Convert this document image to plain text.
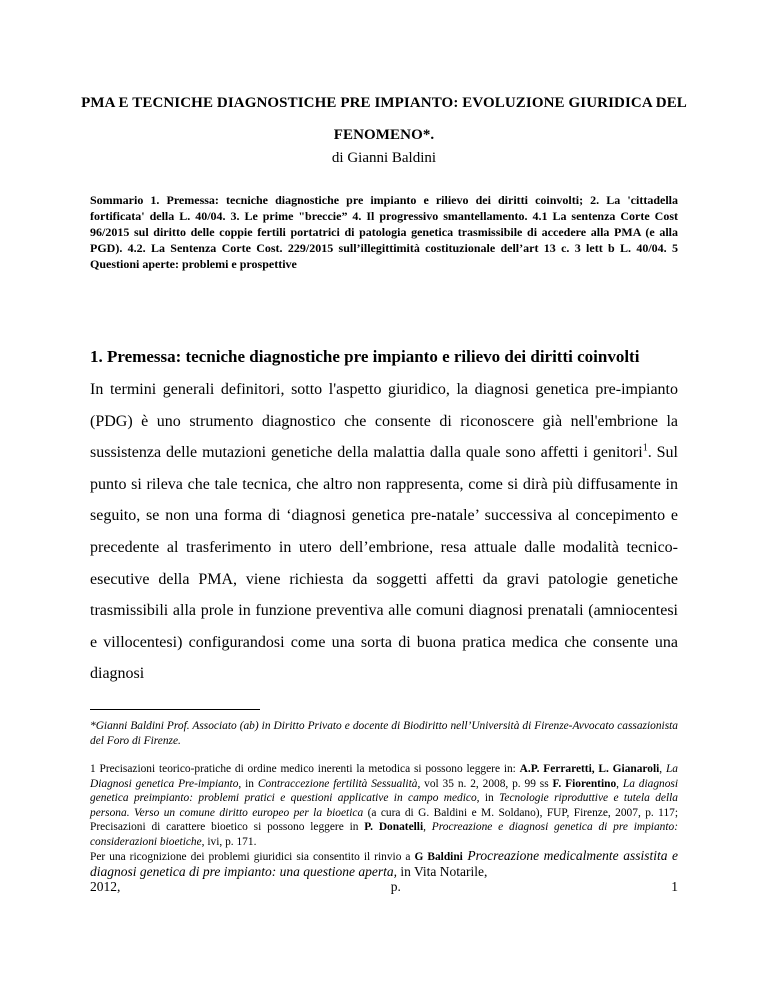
PMA E TECNICHE DIAGNOSTICHE PRE IMPIANTO: EVOLUZIONE GIURIDICA DEL FENOMENO*.
di Gianni Baldini
Sommario 1. Premessa: tecniche diagnostiche pre impianto e rilievo dei diritti coinvolti; 2. La 'cittadella fortificata' della L. 40/04. 3. Le prime "breccie” 4. Il progressivo smantellamento. 4.1 La sentenza Corte Cost 96/2015 sul diritto delle coppie fertili portatrici di patologia genetica trasmissibile di accedere alla PMA (e alla PGD). 4.2. La Sentenza Corte Cost. 229/2015 sull’illegittimità costituzionale dell’art 13 c. 3 lett b L. 40/04. 5 Questioni aperte: problemi e prospettive
1. Premessa: tecniche diagnostiche pre impianto e rilievo dei diritti coinvolti
In termini generali definitori, sotto l'aspetto giuridico, la diagnosi genetica pre-impianto (PDG) è uno strumento diagnostico che consente di riconoscere già nell'embrione la sussistenza delle mutazioni genetiche della malattia dalla quale sono affetti i genitori$^1$. Sul punto si rileva che tale tecnica, che altro non rappresenta, come si dirà più diffusamente in seguito, se non una forma di ‘diagnosi genetica pre-natale’ successiva al concepimento e precedente al trasferimento in utero dell’embrione, resa attuale dalle modalità tecnico-esecutive della PMA, viene richiesta da soggetti affetti da gravi patologie genetiche trasmissibili alla prole in funzione preventiva alle comuni diagnosi prenatali (amniocentesi e villocentesi) configurandosi come una sorta di buona pratica medica che consente una diagnosi

*Gianni Baldini Prof. Associato (ab) in Diritto Privato e docente di Biodiritto nell’Università di Firenze-Avvocato cassazionista del Foro di Firenze.

1 Precisazioni teorico-pratiche di ordine medico inerenti la metodica si possono leggere in: A.P. Ferraretti, L. Gianaroli, La Diagnosi genetica Pre-impianto, in Contraccezione fertilità Sessualità, vol 35 n. 2, 2008, p. 99 ss F. Fiorentino, La diagnosi genetica preimpianto: problemi pratici e questioni applicative in campo medico, in Tecnologie riproduttive e tutela della persona. Verso un comune diritto europeo per la bioetica (a cura di G. Baldini e M. Soldano), FUP, Firenze, 2007, p. 117; Precisazioni di carattere bioetico si possono leggere in P. Donatelli, Procreazione e diagnosi genetica di pre impianto: considerazioni bioetiche, ivi, p. 171.

Per una ricognizione dei problemi giuridici sia consentito il rinvio a G Baldini Procreazione medicalmente assistita e diagnosi genetica di pre impianto: una questione aperta, in Vita Notarile,

2012,	p.	1
